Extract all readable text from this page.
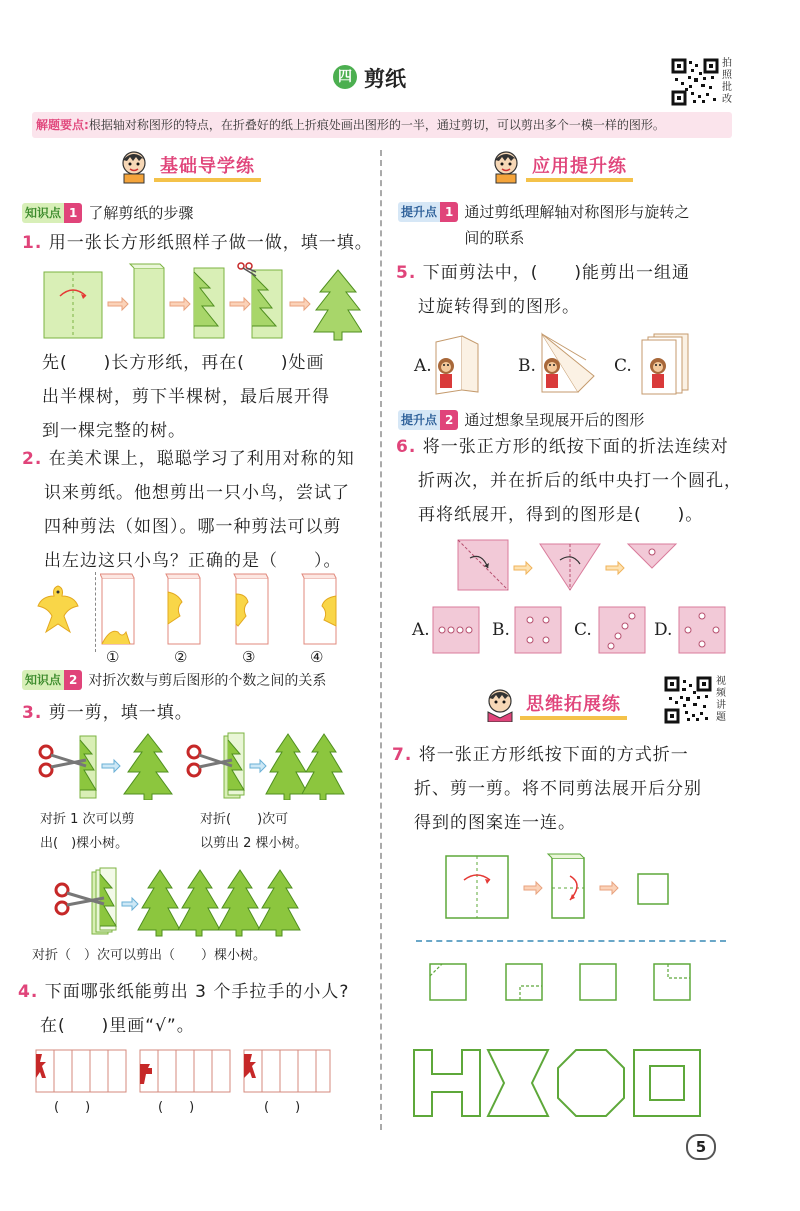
四 剪纸
拍照批改
解题要点:根据轴对称图形的特点，在折叠好的纸上折痕处画出图形的一半，通过剪切，可以剪出多个一模一样的图形。
基础导学练
知识点 1 了解剪纸的步骤
1. 用一张长方形纸照样子做一做，填一填。
先(　　)长方形纸，再在(　　)处画
出半棵树，剪下半棵树，最后展开得
到一棵完整的树。
2. 在美术课上，聪聪学习了利用对称的知
识来剪纸。他想剪出一只小鸟，尝试了
四种剪法（如图）。哪一种剪法可以剪
出左边这只小鸟？正确的是（　　）。
①	②	③	④
知识点 2 对折次数与剪后图形的个数之间的关系
3. 剪一剪，填一填。
对折 1 次可以剪
出(　)棵小树。
对折(　　)次可
以剪出 2 棵小树。
对折（　）次可以剪出（　　）棵小树。
4. 下面哪张纸能剪出 3 个手拉手的小人?
在(　　)里画“√”。
(　　)	(　　)	(　　)
应用提升练
提升点 1 通过剪纸理解轴对称图形与旋转之
间的联系
5. 下面剪法中，(　　)能剪出一组通
过旋转得到的图形。
A.	B.	C.
提升点 2 通过想象呈现展开后的图形
6. 将一张正方形的纸按下面的折法连续对
折两次，并在折后的纸中央打一个圆孔，
再将纸展开，得到的图形是(　　)。
A.	B.	C.	D.
思维拓展练
视频讲题
7. 将一张正方形纸按下面的方式折一
折、剪一剪。将不同剪法展开后分别
得到的图案连一连。
5
